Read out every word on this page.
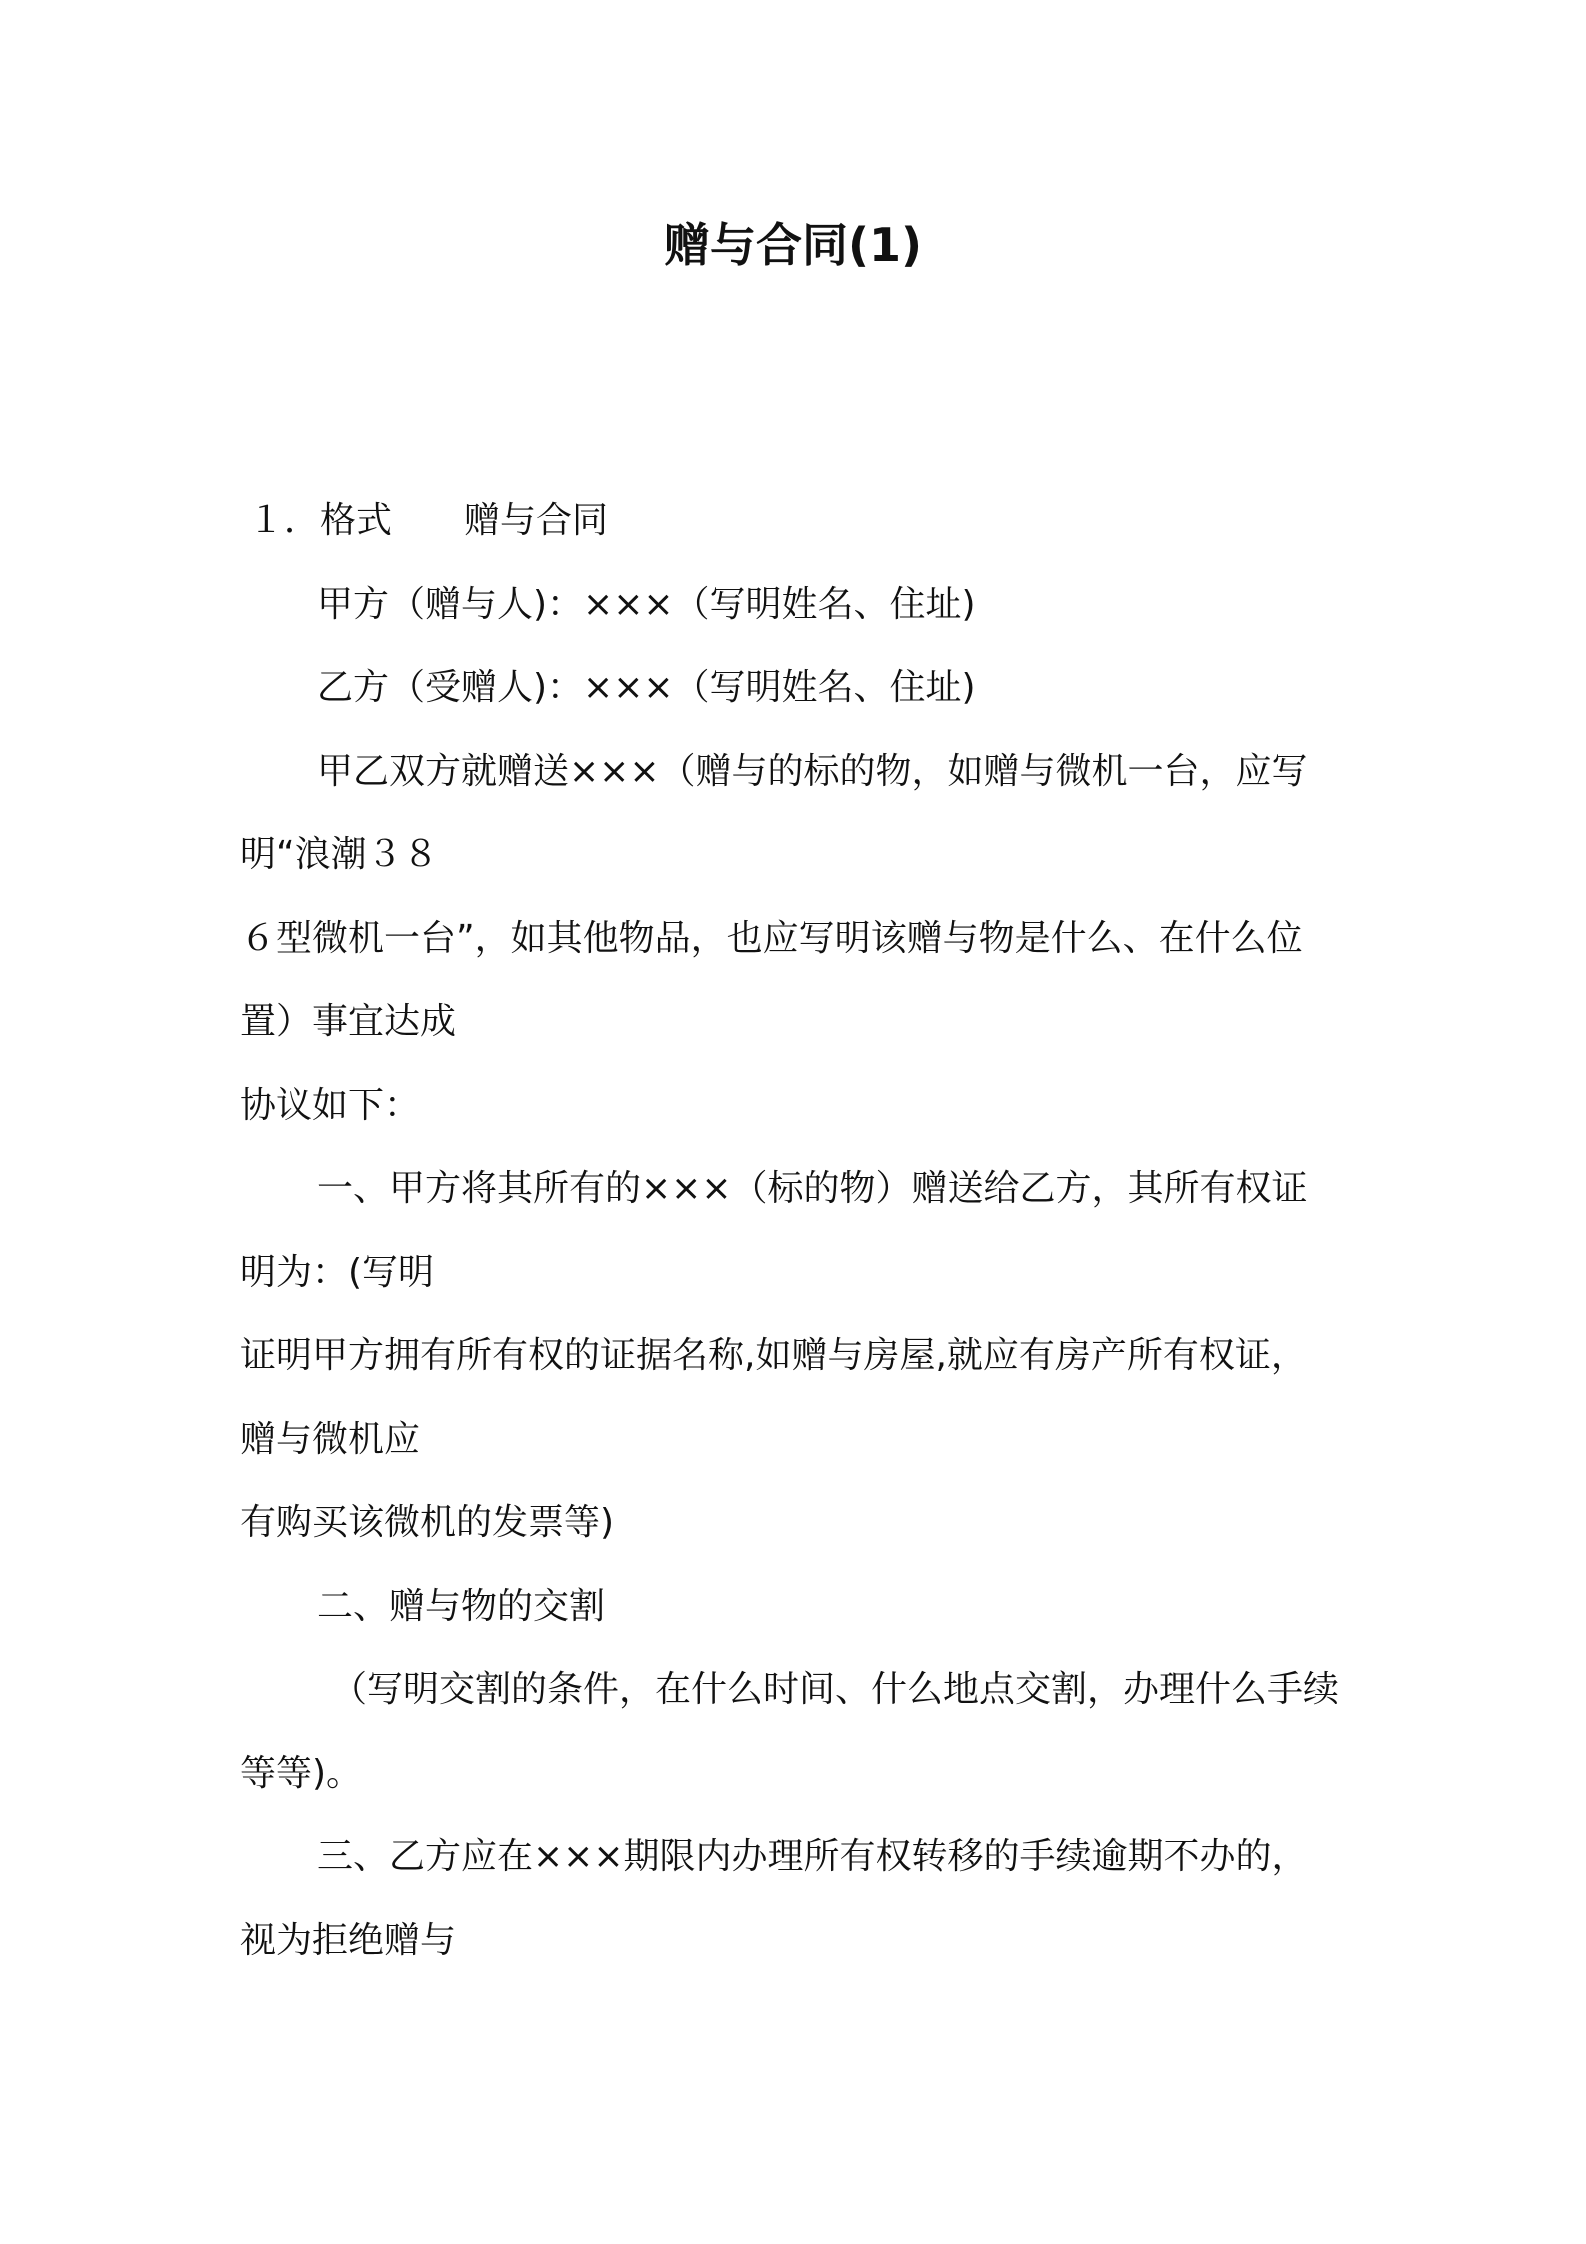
赠与合同(1)
１．格式　　赠与合同
甲方（赠与人)：×××（写明姓名、住址)
乙方（受赠人)：×××（写明姓名、住址)
甲乙双方就赠送×××（赠与的标的物，如赠与微机一台，应写
明“浪潮３８
６型微机一台”，如其他物品，也应写明该赠与物是什么、在什么位
置）事宜达成
协议如下：
一、甲方将其所有的×××（标的物）赠送给乙方，其所有权证
明为：(写明
证明甲方拥有所有权的证据名称,如赠与房屋,就应有房产所有权证，
赠与微机应
有购买该微机的发票等)
二、赠与物的交割
（写明交割的条件，在什么时间、什么地点交割，办理什么手续
等等)。
三、乙方应在×××期限内办理所有权转移的手续逾期不办的，
视为拒绝赠与
